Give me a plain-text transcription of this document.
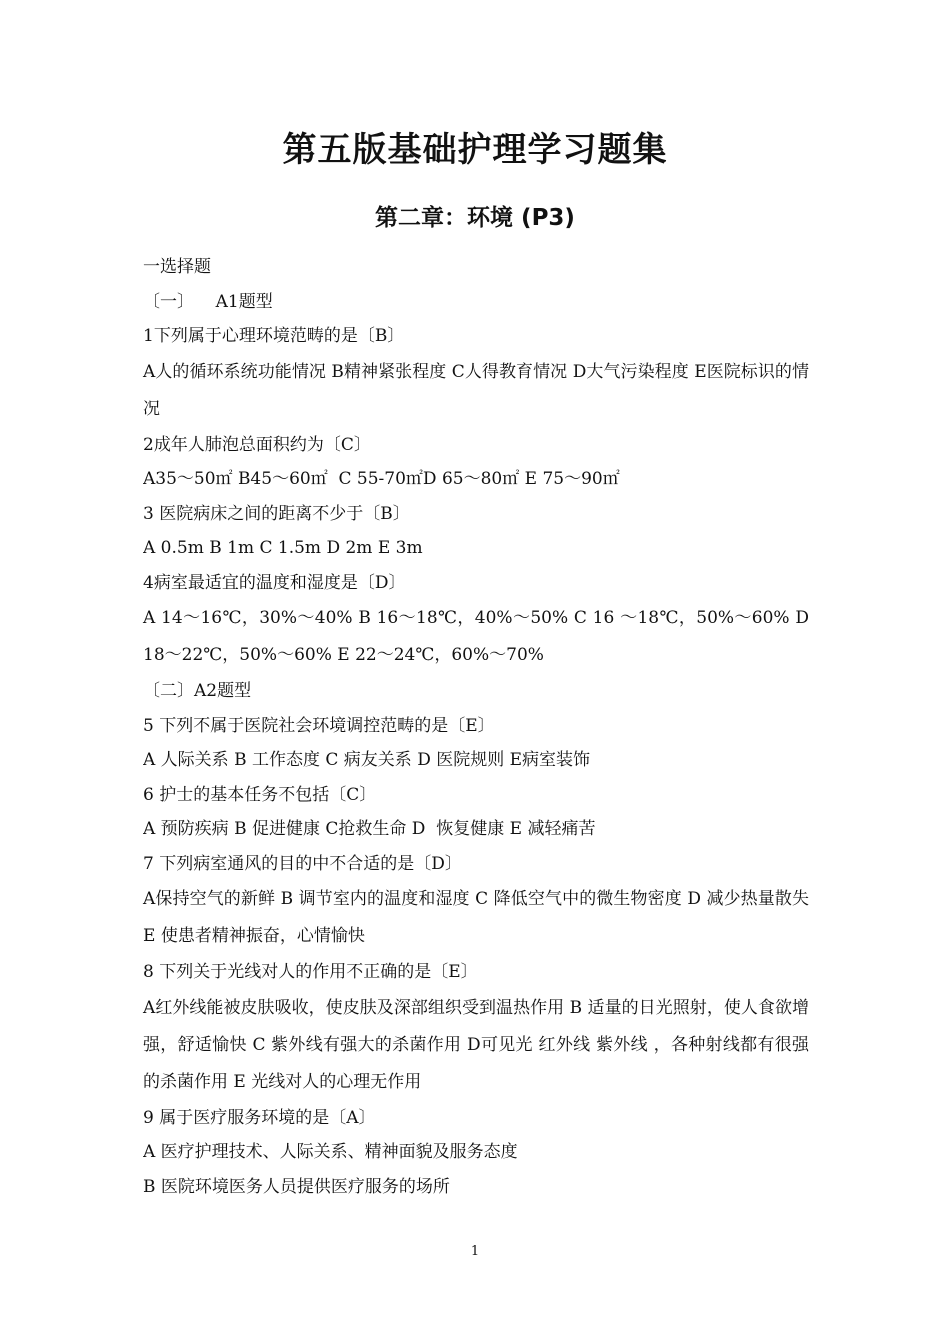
第五版基础护理学习题集
第二章：环境 (P3)
一选择题
〔一〕    A1题型
1下列属于心理环境范畴的是〔B〕
A人的循环系统功能情况 B精神紧张程度 C人得教育情况 D大气污染程度 E医院标识的情况
2成年人肺泡总面积约为〔C〕
A35～50㎡ B45～60㎡  C 55-70㎡D 65～80㎡ E 75～90㎡
3 医院病床之间的距离不少于〔B〕
A 0.5m B 1m C 1.5m D 2m E 3m
4病室最适宜的温度和湿度是〔D〕
A 14～16℃，30%～40% B 16～18℃，40%～50% C 16 ～18℃，50%～60% D 18～22℃，50%～60% E 22～24℃，60%～70%
〔二〕A2题型
5 下列不属于医院社会环境调控范畴的是〔E〕
A 人际关系 B 工作态度 C 病友关系 D 医院规则 E病室装饰
6 护士的基本任务不包括〔C〕
A 预防疾病 B 促进健康 C抢救生命 D  恢复健康 E 减轻痛苦
7 下列病室通风的目的中不合适的是〔D〕
A保持空气的新鲜 B 调节室内的温度和湿度 C 降低空气中的微生物密度 D 减少热量散失 E 使患者精神振奋，心情愉快
8 下列关于光线对人的作用不正确的是〔E〕
A红外线能被皮肤吸收，使皮肤及深部组织受到温热作用 B 适量的日光照射，使人食欲增强，舒适愉快 C 紫外线有强大的杀菌作用 D可见光 红外线 紫外线 ，各种射线都有很强的杀菌作用 E 光线对人的心理无作用
9 属于医疗服务环境的是〔A〕
A 医疗护理技术、人际关系、精神面貌及服务态度
B 医院环境医务人员提供医疗服务的场所
1
